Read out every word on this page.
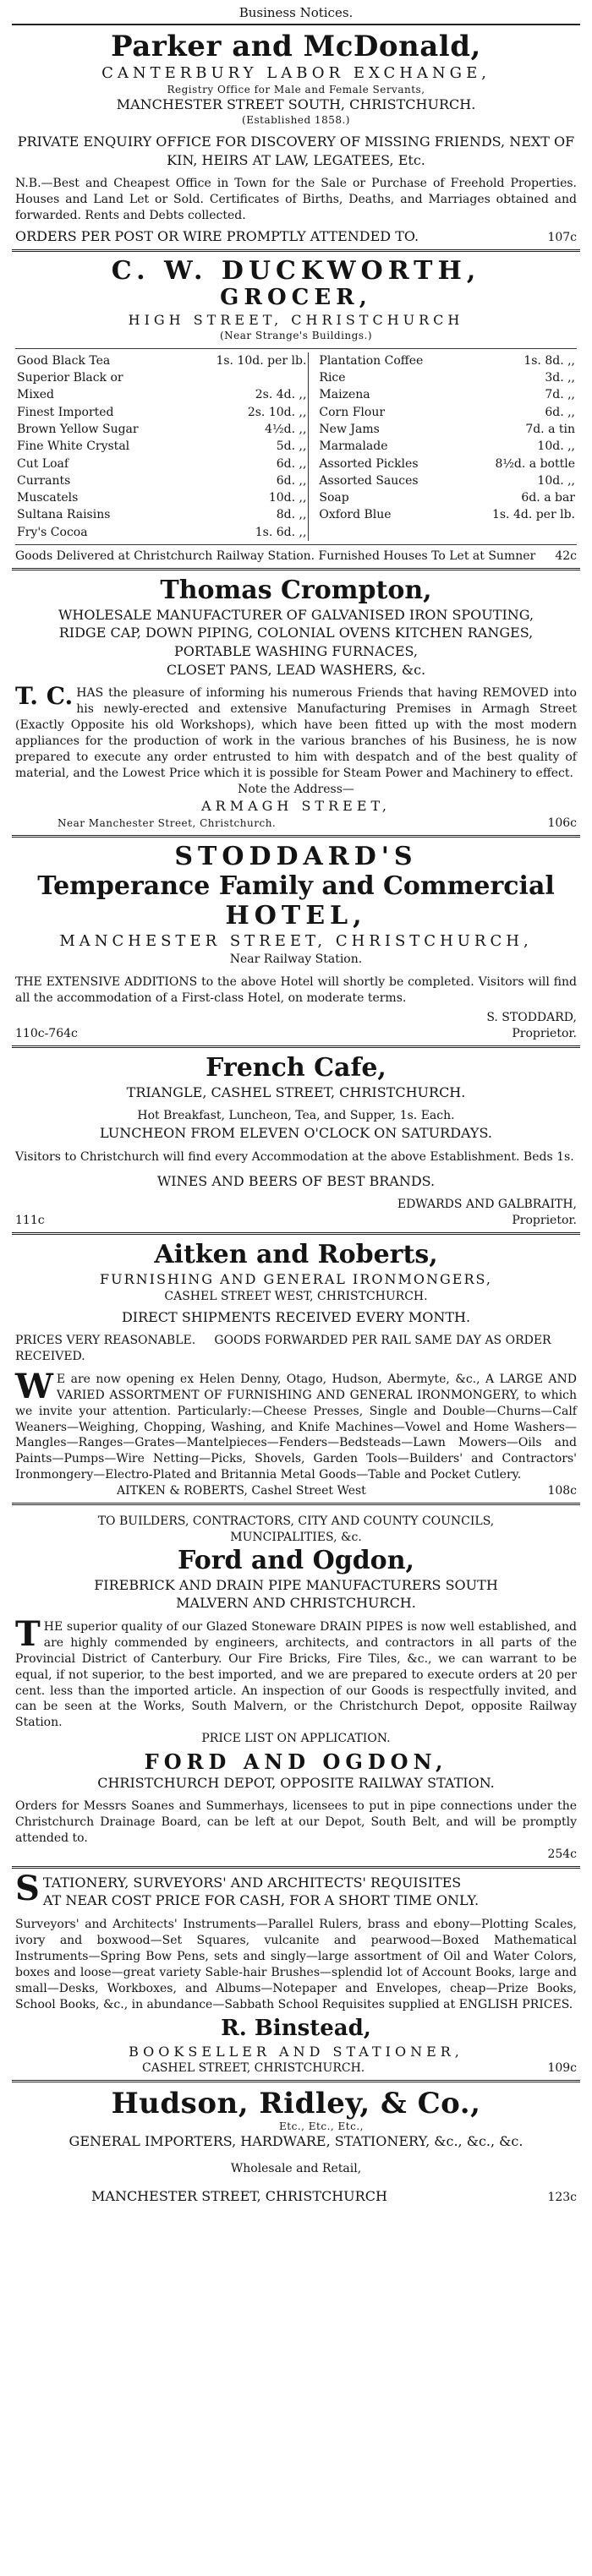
Business Notices.
Parker and McDonald,
CANTERBURY LABOR EXCHANGE,
Registry Office for Male and Female Servants,
MANCHESTER STREET SOUTH, CHRISTCHURCH.
(Established 1858.)
PRIVATE ENQUIRY OFFICE FOR DISCOVERY OF MISSING FRIENDS, NEXT OF KIN, HEIRS AT LAW, LEGATEES, Etc.
N.B.—Best and Cheapest Office in Town for the Sale or Purchase of Freehold Properties. Houses and Land Let or Sold. Certificates of Births, Deaths, and Marriages obtained and forwarded. Rents and Debts collected.
ORDERS PER POST OR WIRE PROMPTLY ATTENDED TO.	107c
C. W. DUCKWORTH,
GROCER,
HIGH STREET, CHRISTCHURCH
(Near Strange's Buildings.)
Good Black Tea	1s. 10d. per lb.		Plantation Coffee	1s. 8d. ,,
Superior Black or			Rice	3d. ,,
Mixed	2s. 4d. ,,		Maizena	7d. ,,
Finest Imported	2s. 10d. ,,		Corn Flour	6d. ,,
Brown Yellow Sugar	4½d. ,,		New Jams	7d. a tin
Fine White Crystal	5d. ,,		Marmalade	10d. ,,
Cut Loaf	6d. ,,		Assorted Pickles	8½d. a bottle
Currants	6d. ,,		Assorted Sauces	10d. ,,
Muscatels	10d. ,,		Soap	6d. a bar
Sultana Raisins	8d. ,,		Oxford Blue	1s. 4d. per lb.
Fry's Cocoa	1s. 6d. ,,			
Goods Delivered at Christchurch Railway Station. Furnished Houses To Let at Sumner 42c
Thomas Crompton,
WHOLESALE MANUFACTURER OF GALVANISED IRON SPOUTING,
RIDGE CAP, DOWN PIPING, COLONIAL OVENS KITCHEN RANGES,
PORTABLE WASHING FURNACES,
CLOSET PANS, LEAD WASHERS, &c.
T. C. HAS the pleasure of informing his numerous Friends that having REMOVED into his newly-erected and extensive Manufacturing Premises in Armagh Street (Exactly Opposite his old Workshops), which have been fitted up with the most modern appliances for the production of work in the various branches of his Business, he is now prepared to execute any order entrusted to him with despatch and of the best quality of material, and the Lowest Price which it is possible for Steam Power and Machinery to effect.
Note the Address—
ARMAGH STREET,
Near Manchester Street, Christchurch.	106c
STODDARD'S
Temperance Family and Commercial
HOTEL,
MANCHESTER STREET, CHRISTCHURCH,
Near Railway Station.
THE EXTENSIVE ADDITIONS to the above Hotel will shortly be completed. Visitors will find all the accommodation of a First-class Hotel, on moderate terms.
S. STODDARD,
110c-764c	Proprietor.
French Cafe,
TRIANGLE, CASHEL STREET, CHRISTCHURCH.
Hot Breakfast, Luncheon, Tea, and Supper, 1s. Each.
LUNCHEON FROM ELEVEN O'CLOCK ON SATURDAYS.
Visitors to Christchurch will find every Accommodation at the above Establishment. Beds 1s.
WINES AND BEERS OF BEST BRANDS.
EDWARDS AND GALBRAITH,
111c	Proprietor.
Aitken and Roberts,
FURNISHING AND GENERAL IRONMONGERS,
CASHEL STREET WEST, CHRISTCHURCH.
DIRECT SHIPMENTS RECEIVED EVERY MONTH.
PRICES VERY REASONABLE. GOODS FORWARDED PER RAIL SAME DAY AS ORDER RECEIVED.
W E are now opening ex Helen Denny, Otago, Hudson, Abermyte, &c., A LARGE AND VARIED ASSORTMENT OF FURNISHING AND GENERAL IRONMONGERY, to which we invite your attention. Particularly:—Cheese Presses, Single and Double—Churns—Calf Weaners—Weighing, Chopping, Washing, and Knife Machines—Vowel and Home Washers—Mangles—Ranges—Grates—Mantelpieces—Fenders—Bedsteads—Lawn Mowers—Oils and Paints—Pumps—Wire Netting—Picks, Shovels, Garden Tools—Builders' and Contractors' Ironmongery—Electro-Plated and Britannia Metal Goods—Table and Pocket Cutlery.
AITKEN & ROBERTS, Cashel Street West	108c
TO BUILDERS, CONTRACTORS, CITY AND COUNTY COUNCILS,
MUNCIPALITIES, &c.
Ford and Ogdon,
FIREBRICK AND DRAIN PIPE MANUFACTURERS SOUTH
MALVERN AND CHRISTCHURCH.
T HE superior quality of our Glazed Stoneware DRAIN PIPES is now well established, and are highly commended by engineers, architects, and contractors in all parts of the Provincial District of Canterbury. Our Fire Bricks, Fire Tiles, &c., we can warrant to be equal, if not superior, to the best imported, and we are prepared to execute orders at 20 per cent. less than the imported article. An inspection of our Goods is respectfully invited, and can be seen at the Works, South Malvern, or the Christchurch Depot, opposite Railway Station.
PRICE LIST ON APPLICATION.
FORD AND OGDON,
CHRISTCHURCH DEPOT, OPPOSITE RAILWAY STATION.
Orders for Messrs Soanes and Summerhays, licensees to put in pipe connections under the Christchurch Drainage Board, can be left at our Depot, South Belt, and will be promptly attended to.
254c
S TATIONERY, SURVEYORS' AND ARCHITECTS' REQUISITES
AT NEAR COST PRICE FOR CASH, FOR A SHORT TIME ONLY.
Surveyors' and Architects' Instruments—Parallel Rulers, brass and ebony—Plotting Scales, ivory and boxwood—Set Squares, vulcanite and pearwood—Boxed Mathematical Instruments—Spring Bow Pens, sets and singly—large assortment of Oil and Water Colors, boxes and loose—great variety Sable-hair Brushes—splendid lot of Account Books, large and small—Desks, Workboxes, and Albums—Notepaper and Envelopes, cheap—Prize Books, School Books, &c., in abundance—Sabbath School Requisites supplied at ENGLISH PRICES.
R. Binstead,
BOOKSELLER AND STATIONER,
CASHEL STREET, CHRISTCHURCH.	109c
Hudson, Ridley, & Co.,
Etc., Etc., Etc.,
GENERAL IMPORTERS, HARDWARE, STATIONERY, &c., &c., &c.
Wholesale and Retail,
MANCHESTER STREET, CHRISTCHURCH	123c
